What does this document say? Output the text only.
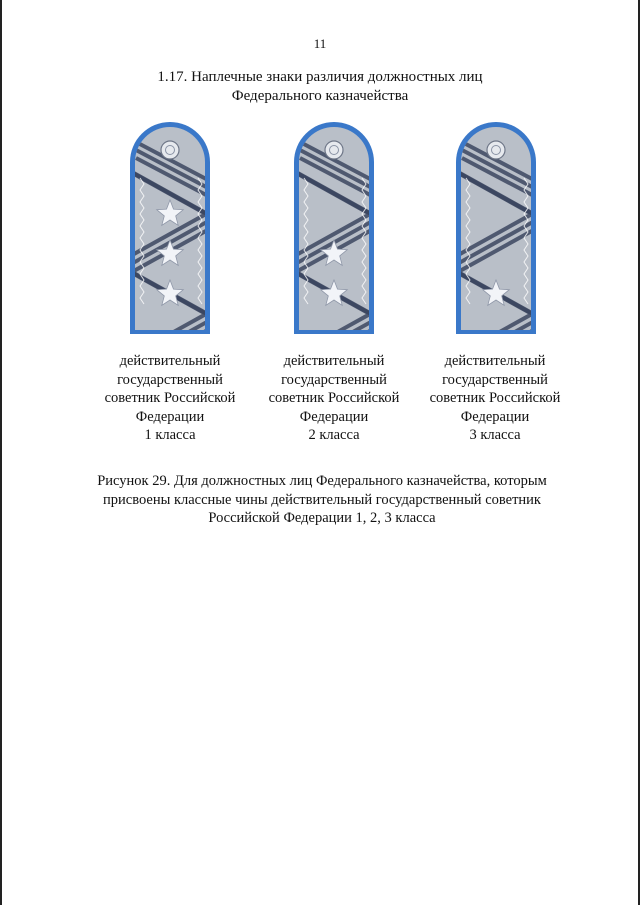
11
1.17. Наплечные знаки различия должностных лиц
Федерального казначейства
действительный
государственный
советник Российской
Федерации
1 класса
действительный
государственный
советник Российской
Федерации
2 класса
действительный
государственный
советник Российской
Федерации
3 класса
Рисунок 29. Для должностных лиц Федерального казначейства, которым
присвоены классные чины действительный государственный советник
Российской Федерации 1, 2, 3 класса
